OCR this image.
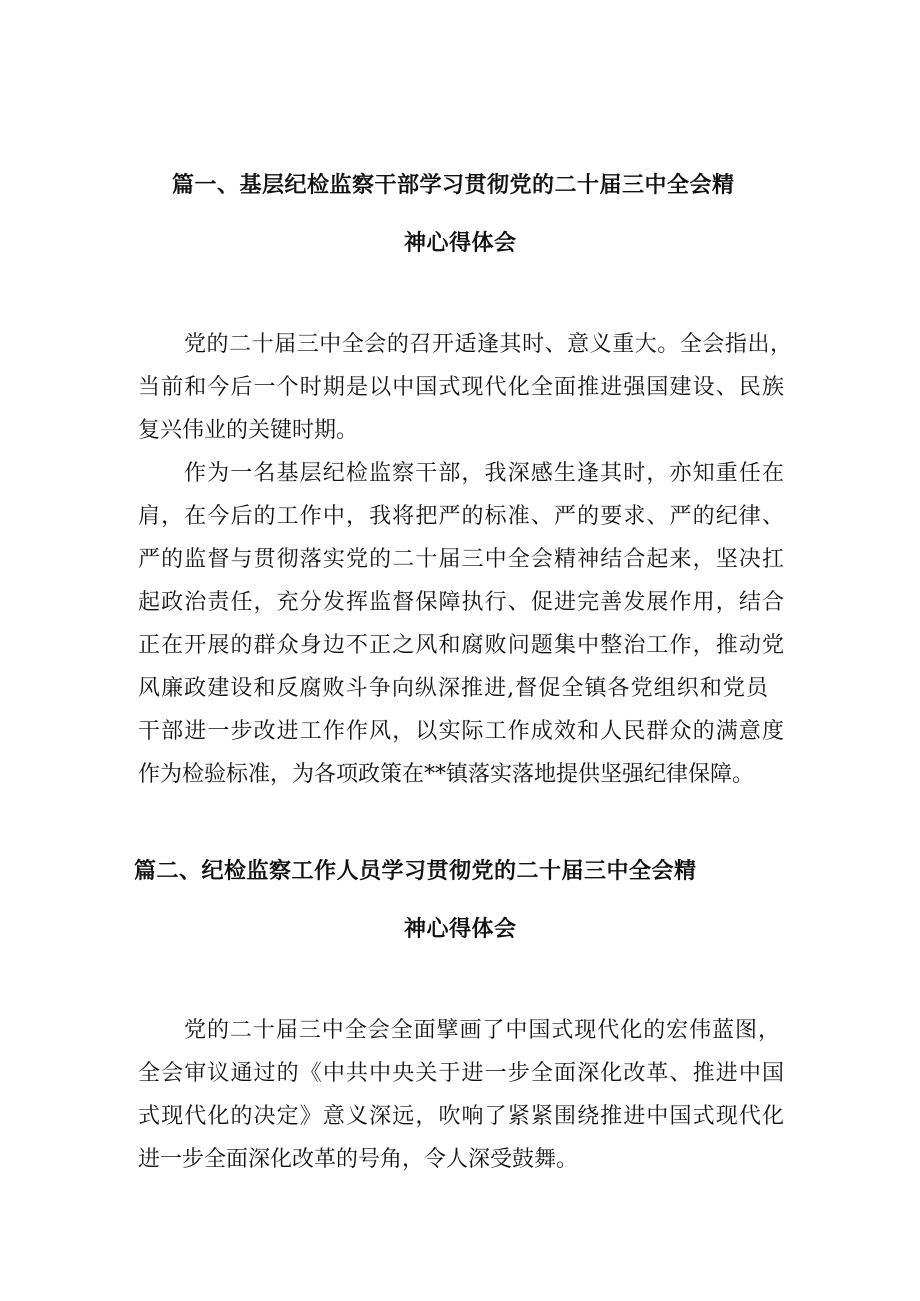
篇一、基层纪检监察干部学习贯彻党的二十届三中全会精
神心得体会
党的二十届三中全会的召开适逢其时、意义重大。全会指出，
当前和今后一个时期是以中国式现代化全面推进强国建设、民族
复兴伟业的关键时期。
作为一名基层纪检监察干部，我深感生逢其时，亦知重任在
肩，在今后的工作中，我将把严的标准、严的要求、严的纪律、
严的监督与贯彻落实党的二十届三中全会精神结合起来，坚决扛
起政治责任，充分发挥监督保障执行、促进完善发展作用，结合
正在开展的群众身边不正之风和腐败问题集中整治工作，推动党
风廉政建设和反腐败斗争向纵深推进,督促全镇各党组织和党员
干部进一步改进工作作风，以实际工作成效和人民群众的满意度
作为检验标准，为各项政策在**镇落实落地提供坚强纪律保障。
篇二、纪检监察工作人员学习贯彻党的二十届三中全会精
神心得体会
党的二十届三中全会全面擘画了中国式现代化的宏伟蓝图，
全会审议通过的《中共中央关于进一步全面深化改革、推进中国
式现代化的决定》意义深远，吹响了紧紧围绕推进中国式现代化
进一步全面深化改革的号角，令人深受鼓舞。
